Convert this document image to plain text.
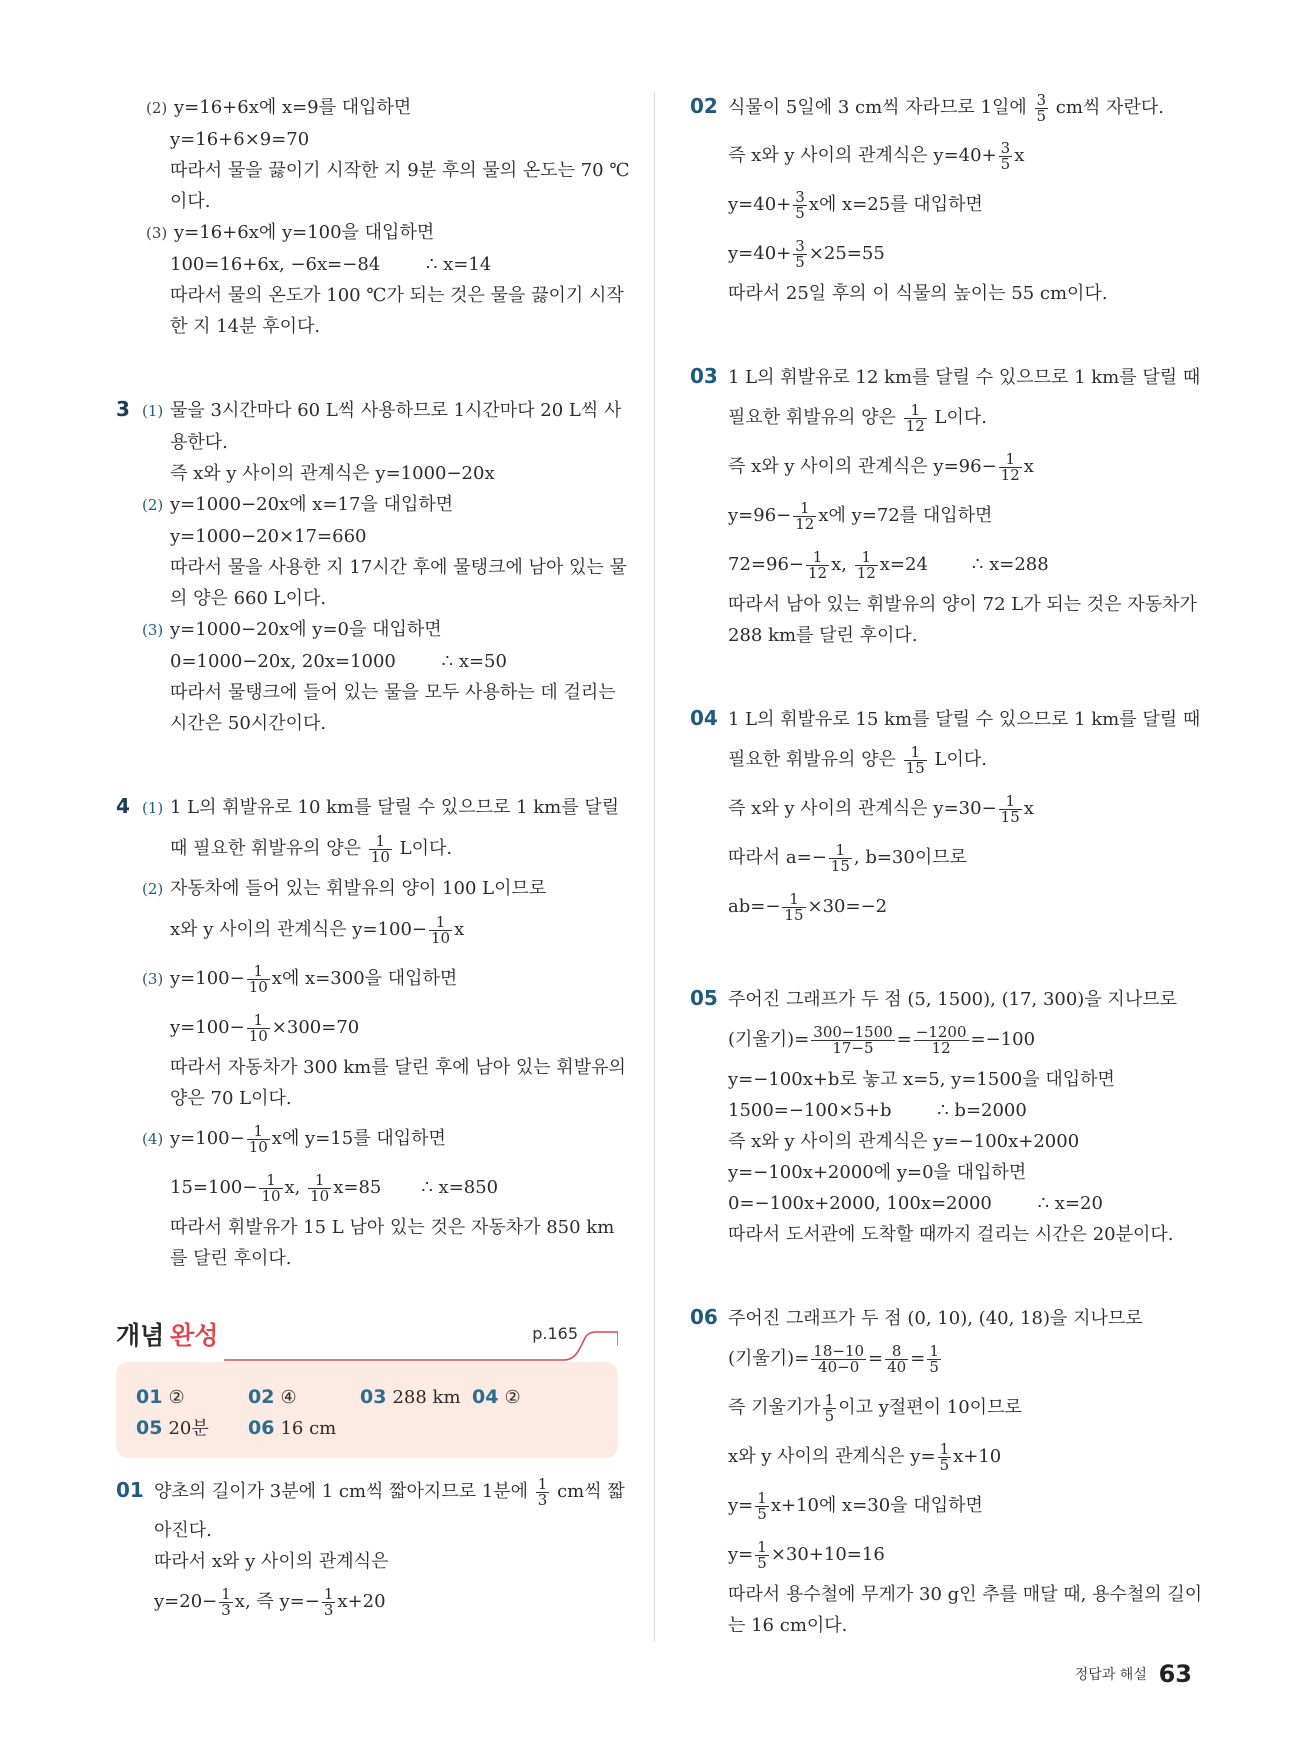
(2) y=16+6x에 x=9를 대입하면
y=16+6×9=70
따라서 물을 끓이기 시작한 지 9분 후의 물의 온도는 70 ℃
이다.
(3) y=16+6x에 y=100을 대입하면
100=16+6x, −6x=−84        ∴ x=14
따라서 물의 온도가 100 ℃가 되는 것은 물을 끓이기 시작
한 지 14분 후이다.
3 (1) 물을 3시간마다 60 L씩 사용하므로 1시간마다 20 L씩 사
용한다.
즉 x와 y 사이의 관계식은 y=1000−20x
(2) y=1000−20x에 x=17을 대입하면
y=1000−20×17=660
따라서 물을 사용한 지 17시간 후에 물탱크에 남아 있는 물
의 양은 660 L이다.
(3) y=1000−20x에 y=0을 대입하면
0=1000−20x, 20x=1000        ∴ x=50
따라서 물탱크에 들어 있는 물을 모두 사용하는 데 걸리는
시간은 50시간이다.
4 (1) 1 L의 휘발유로 10 km를 달릴 수 있으므로 1 km를 달릴
때 필요한 휘발유의 양은 $\frac{1}{10}$ L이다.
(2) 자동차에 들어 있는 휘발유의 양이 100 L이므로
x와 y 사이의 관계식은 $y=100- \frac{1}{10}$ x
(3) $y=100- \frac{1}{10}$ x에 x=300을 대입하면
$y=100- \frac{1}{10} \times 300=70$
따라서 자동차가 300 km를 달린 후에 남아 있는 휘발유의
양은 70 L이다.
(4) $y=100- \frac{1}{10}$ x에 y=15를 대입하면
$15=100- \frac{1}{10} x$, $\frac{1}{10} x=85$ ∴ x=850
따라서 휘발유가 15 L 남아 있는 것은 자동차가 850 km
를 달린 후이다.
개념 완성	p.165
01 ②	02 ④	03 288 km 04 ②
05 20분 06 16 cm
01 양초의 길이가 3분에 1 cm씩 짧아지므로 1분에 $\frac{1}{3}$ cm씩 짧
아진다.
따라서 x와 y 사이의 관계식은
$y=20- \frac{1}{3} x$, 즉 $y=- \frac{1}{3} x+20$
02 식물이 5일에 3 cm씩 자라므로 1일에 $\frac{3}{5}$ cm씩 자란다.
즉 x와 y 사이의 관계식은 $y=40+ \frac{3}{5}$ x
$y=40+ \frac{3}{5}$ x에 x=25를 대입하면
$y=40+ \frac{3}{5} \times 25=55$
따라서 25일 후의 이 식물의 높이는 55 cm이다.
03 1 L의 휘발유로 12 km를 달릴 수 있으므로 1 km를 달릴 때
필요한 휘발유의 양은 $\frac{1}{12}$ L이다.
즉 x와 y 사이의 관계식은 $y=96- \frac{1}{12}$ x
$y=96- \frac{1}{12}$ x에 y=72를 대입하면
$72=96- \frac{1}{12} x$, $\frac{1}{12} x=24$ ∴ x=288
따라서 남아 있는 휘발유의 양이 72 L가 되는 것은 자동차가
288 km를 달린 후이다.
04 1 L의 휘발유로 15 km를 달릴 수 있으므로 1 km를 달릴 때
필요한 휘발유의 양은 $\frac{1}{15}$ L이다.
즉 x와 y 사이의 관계식은 $y=30- \frac{1}{15}$ x
따라서 $a=- \frac{1}{15}$ , b=30이므로
$ab=- \frac{1}{15} \times 30=-2$
05 주어진 그래프가 두 점 (5, 1500), (17, 300)을 지나므로
(기울기)= $\frac{300-1500}{17-5} = \frac{-1200}{12} =-100$
y=−100x+b로 놓고 x=5, y=1500을 대입하면
1500=−100×5+b        ∴ b=2000
즉 x와 y 사이의 관계식은 y=−100x+2000
y=−100x+2000에 y=0을 대입하면
0=−100x+2000, 100x=2000        ∴ x=20
따라서 도서관에 도착할 때까지 걸리는 시간은 20분이다.
06 주어진 그래프가 두 점 (0, 10), (40, 18)을 지나므로
(기울기)= $\frac{18-10}{40-0} = \frac{8}{40} = \frac{1}{5}$
즉 기울기가 $\frac{1}{5}$ 이고 y절편이 10이므로
x와 y 사이의 관계식은 $y= \frac{1}{5} x+10$
$y= \frac{1}{5} x+10$에 x=30을 대입하면
$y= \frac{1}{5} \times 30+10=16$
따라서 용수철에 무게가 30 g인 추를 매달 때, 용수철의 길이
는 16 cm이다.
정답과 해설 63
